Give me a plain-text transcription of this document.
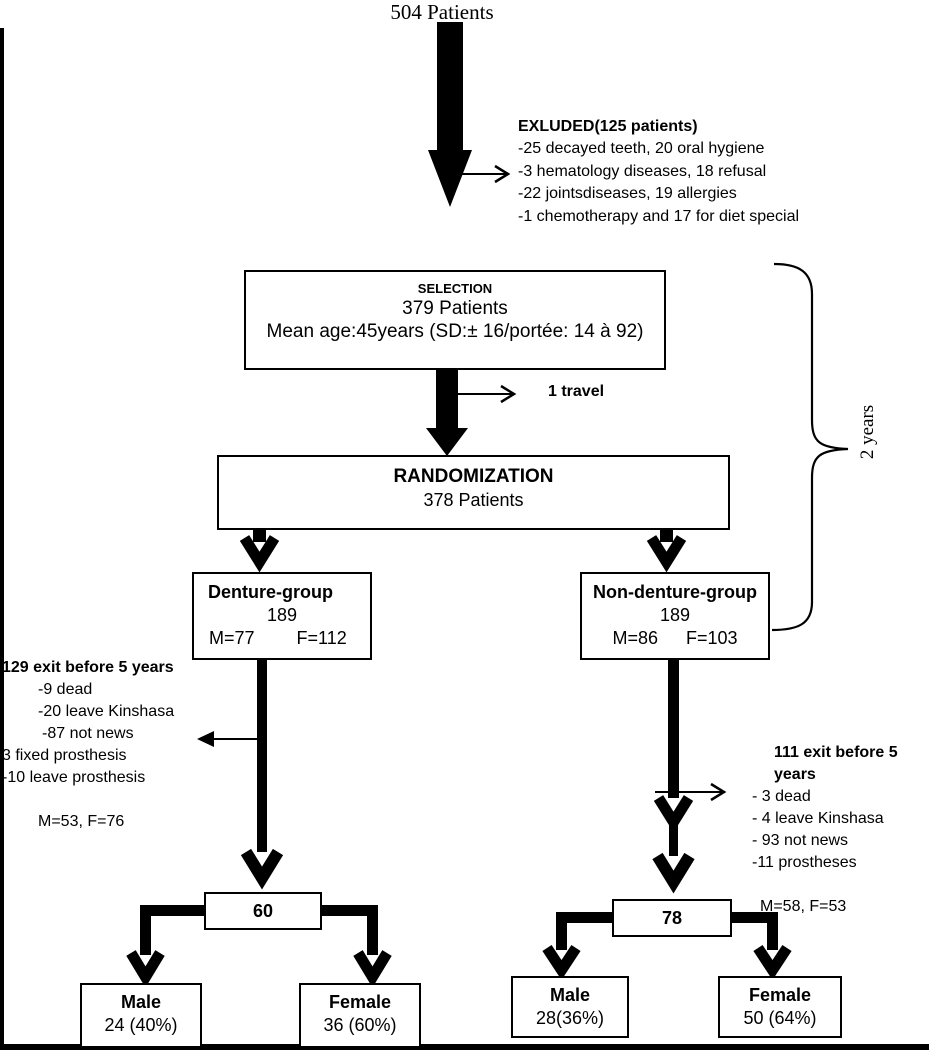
504 Patients
EXLUDED(125 patients)
-25 decayed teeth, 20 oral hygiene
-3 hematology diseases, 18 refusal
-22 jointsdiseases, 19 allergies
-1 chemotherapy and 17 for diet special
SELECTION
379 Patients
Mean age:45years (SD:± 16/portée: 14 à 92)
1 travel
RANDOMIZATION
378 Patients
Denture-group
189
M=77 F=112
Non-denture-group
189
M=86 F=103
129 exit before 5 years
-9 dead
-20 leave Kinshasa
-87 not news
3 fixed prosthesis
-10 leave prosthesis
M=53, F=76
111 exit before 5 years
- 3 dead
- 4 leave Kinshasa
- 93 not news
-11 prostheses
M=58, F=53
60	78
Male
24 (40%)
Female
36 (60%)
Male
28(36%)
Female
50 (64%)
2 years
